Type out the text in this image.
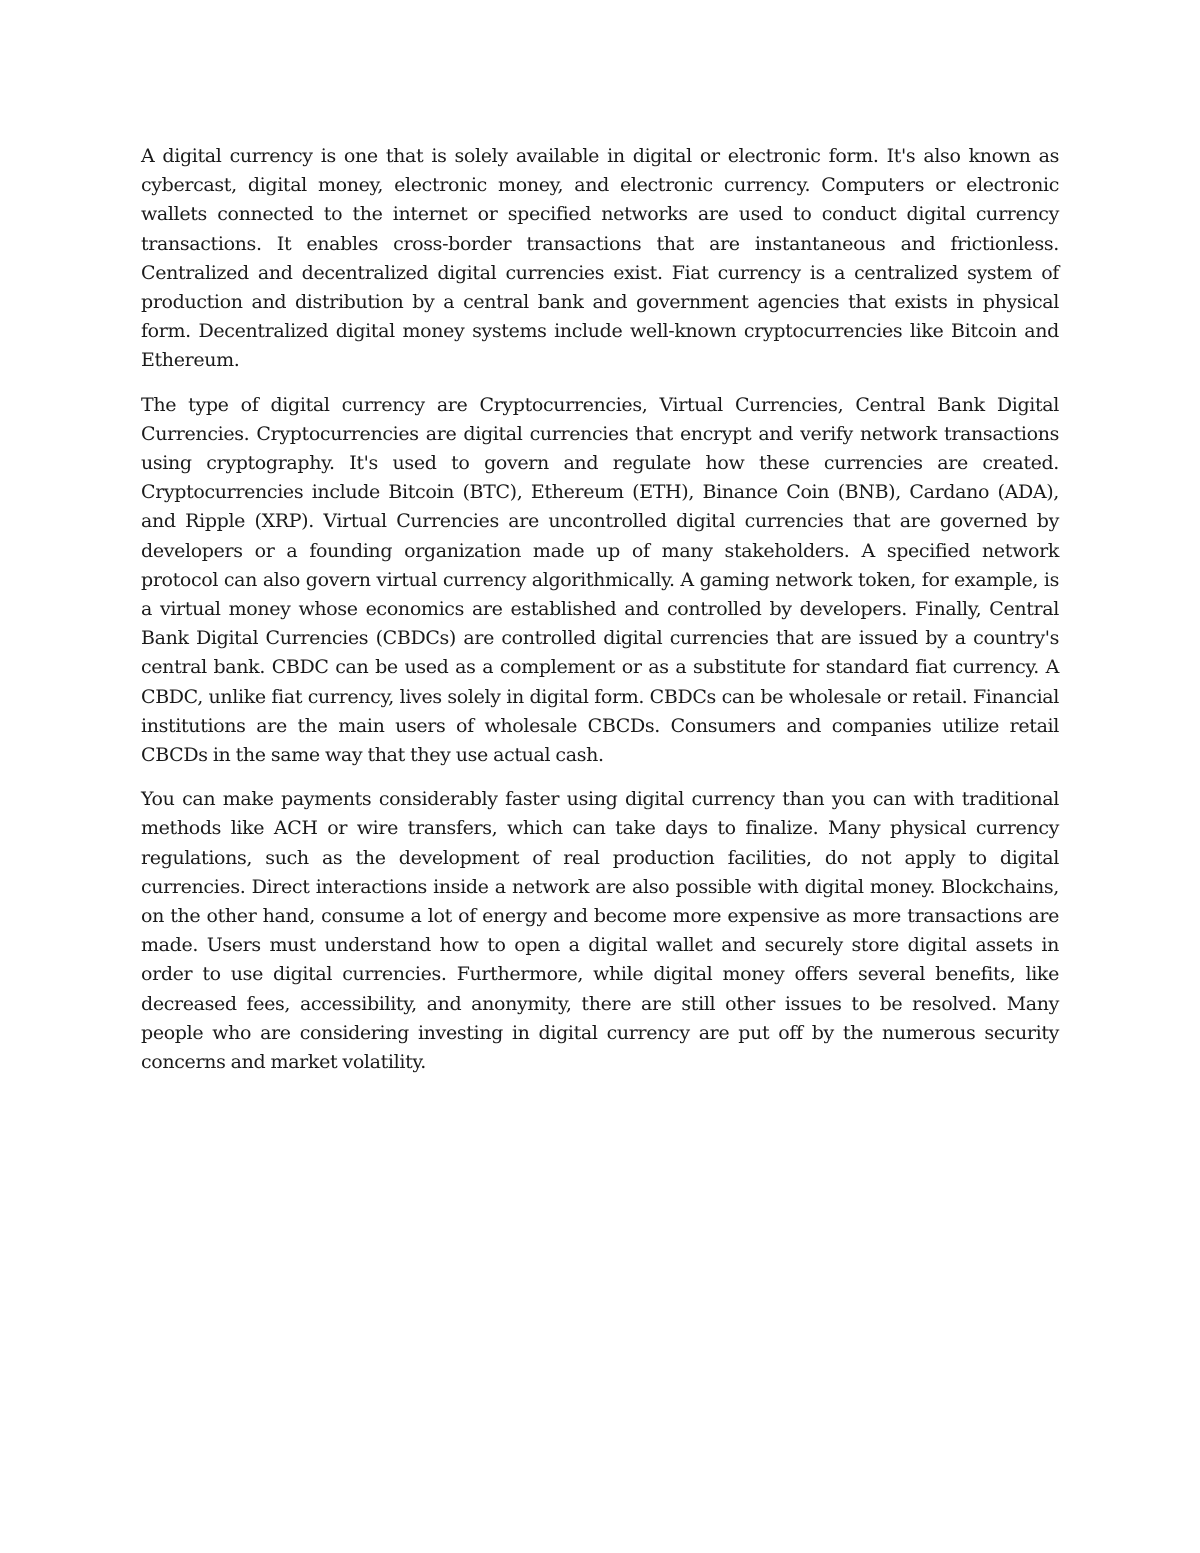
A digital currency is one that is solely available in digital or electronic form. It's also known as cybercast, digital money, electronic money, and electronic currency. Computers or electronic wallets connected to the internet or specified networks are used to conduct digital currency transactions. It enables cross-border transactions that are instantaneous and frictionless. Centralized and decentralized digital currencies exist. Fiat currency is a centralized system of production and distribution by a central bank and government agencies that exists in physical form. Decentralized digital money systems include well-known cryptocurrencies like Bitcoin and Ethereum.

The type of digital currency are Cryptocurrencies, Virtual Currencies, Central Bank Digital Currencies. Cryptocurrencies are digital currencies that encrypt and verify network transactions using cryptography. It's used to govern and regulate how these currencies are created. Cryptocurrencies include Bitcoin (BTC), Ethereum (ETH), Binance Coin (BNB), Cardano (ADA), and Ripple (XRP). Virtual Currencies are uncontrolled digital currencies that are governed by developers or a founding organization made up of many stakeholders. A specified network protocol can also govern virtual currency algorithmically. A gaming network token, for example, is a virtual money whose economics are established and controlled by developers. Finally, Central Bank Digital Currencies (CBDCs) are controlled digital currencies that are issued by a country's central bank. CBDC can be used as a complement or as a substitute for standard fiat currency. A CBDC, unlike fiat currency, lives solely in digital form. CBDCs can be wholesale or retail. Financial institutions are the main users of wholesale CBCDs. Consumers and companies utilize retail CBCDs in the same way that they use actual cash.

You can make payments considerably faster using digital currency than you can with traditional methods like ACH or wire transfers, which can take days to finalize. Many physical currency regulations, such as the development of real production facilities, do not apply to digital currencies. Direct interactions inside a network are also possible with digital money. Blockchains, on the other hand, consume a lot of energy and become more expensive as more transactions are made. Users must understand how to open a digital wallet and securely store digital assets in order to use digital currencies. Furthermore, while digital money offers several benefits, like decreased fees, accessibility, and anonymity, there are still other issues to be resolved. Many people who are considering investing in digital currency are put off by the numerous security concerns and market volatility.
